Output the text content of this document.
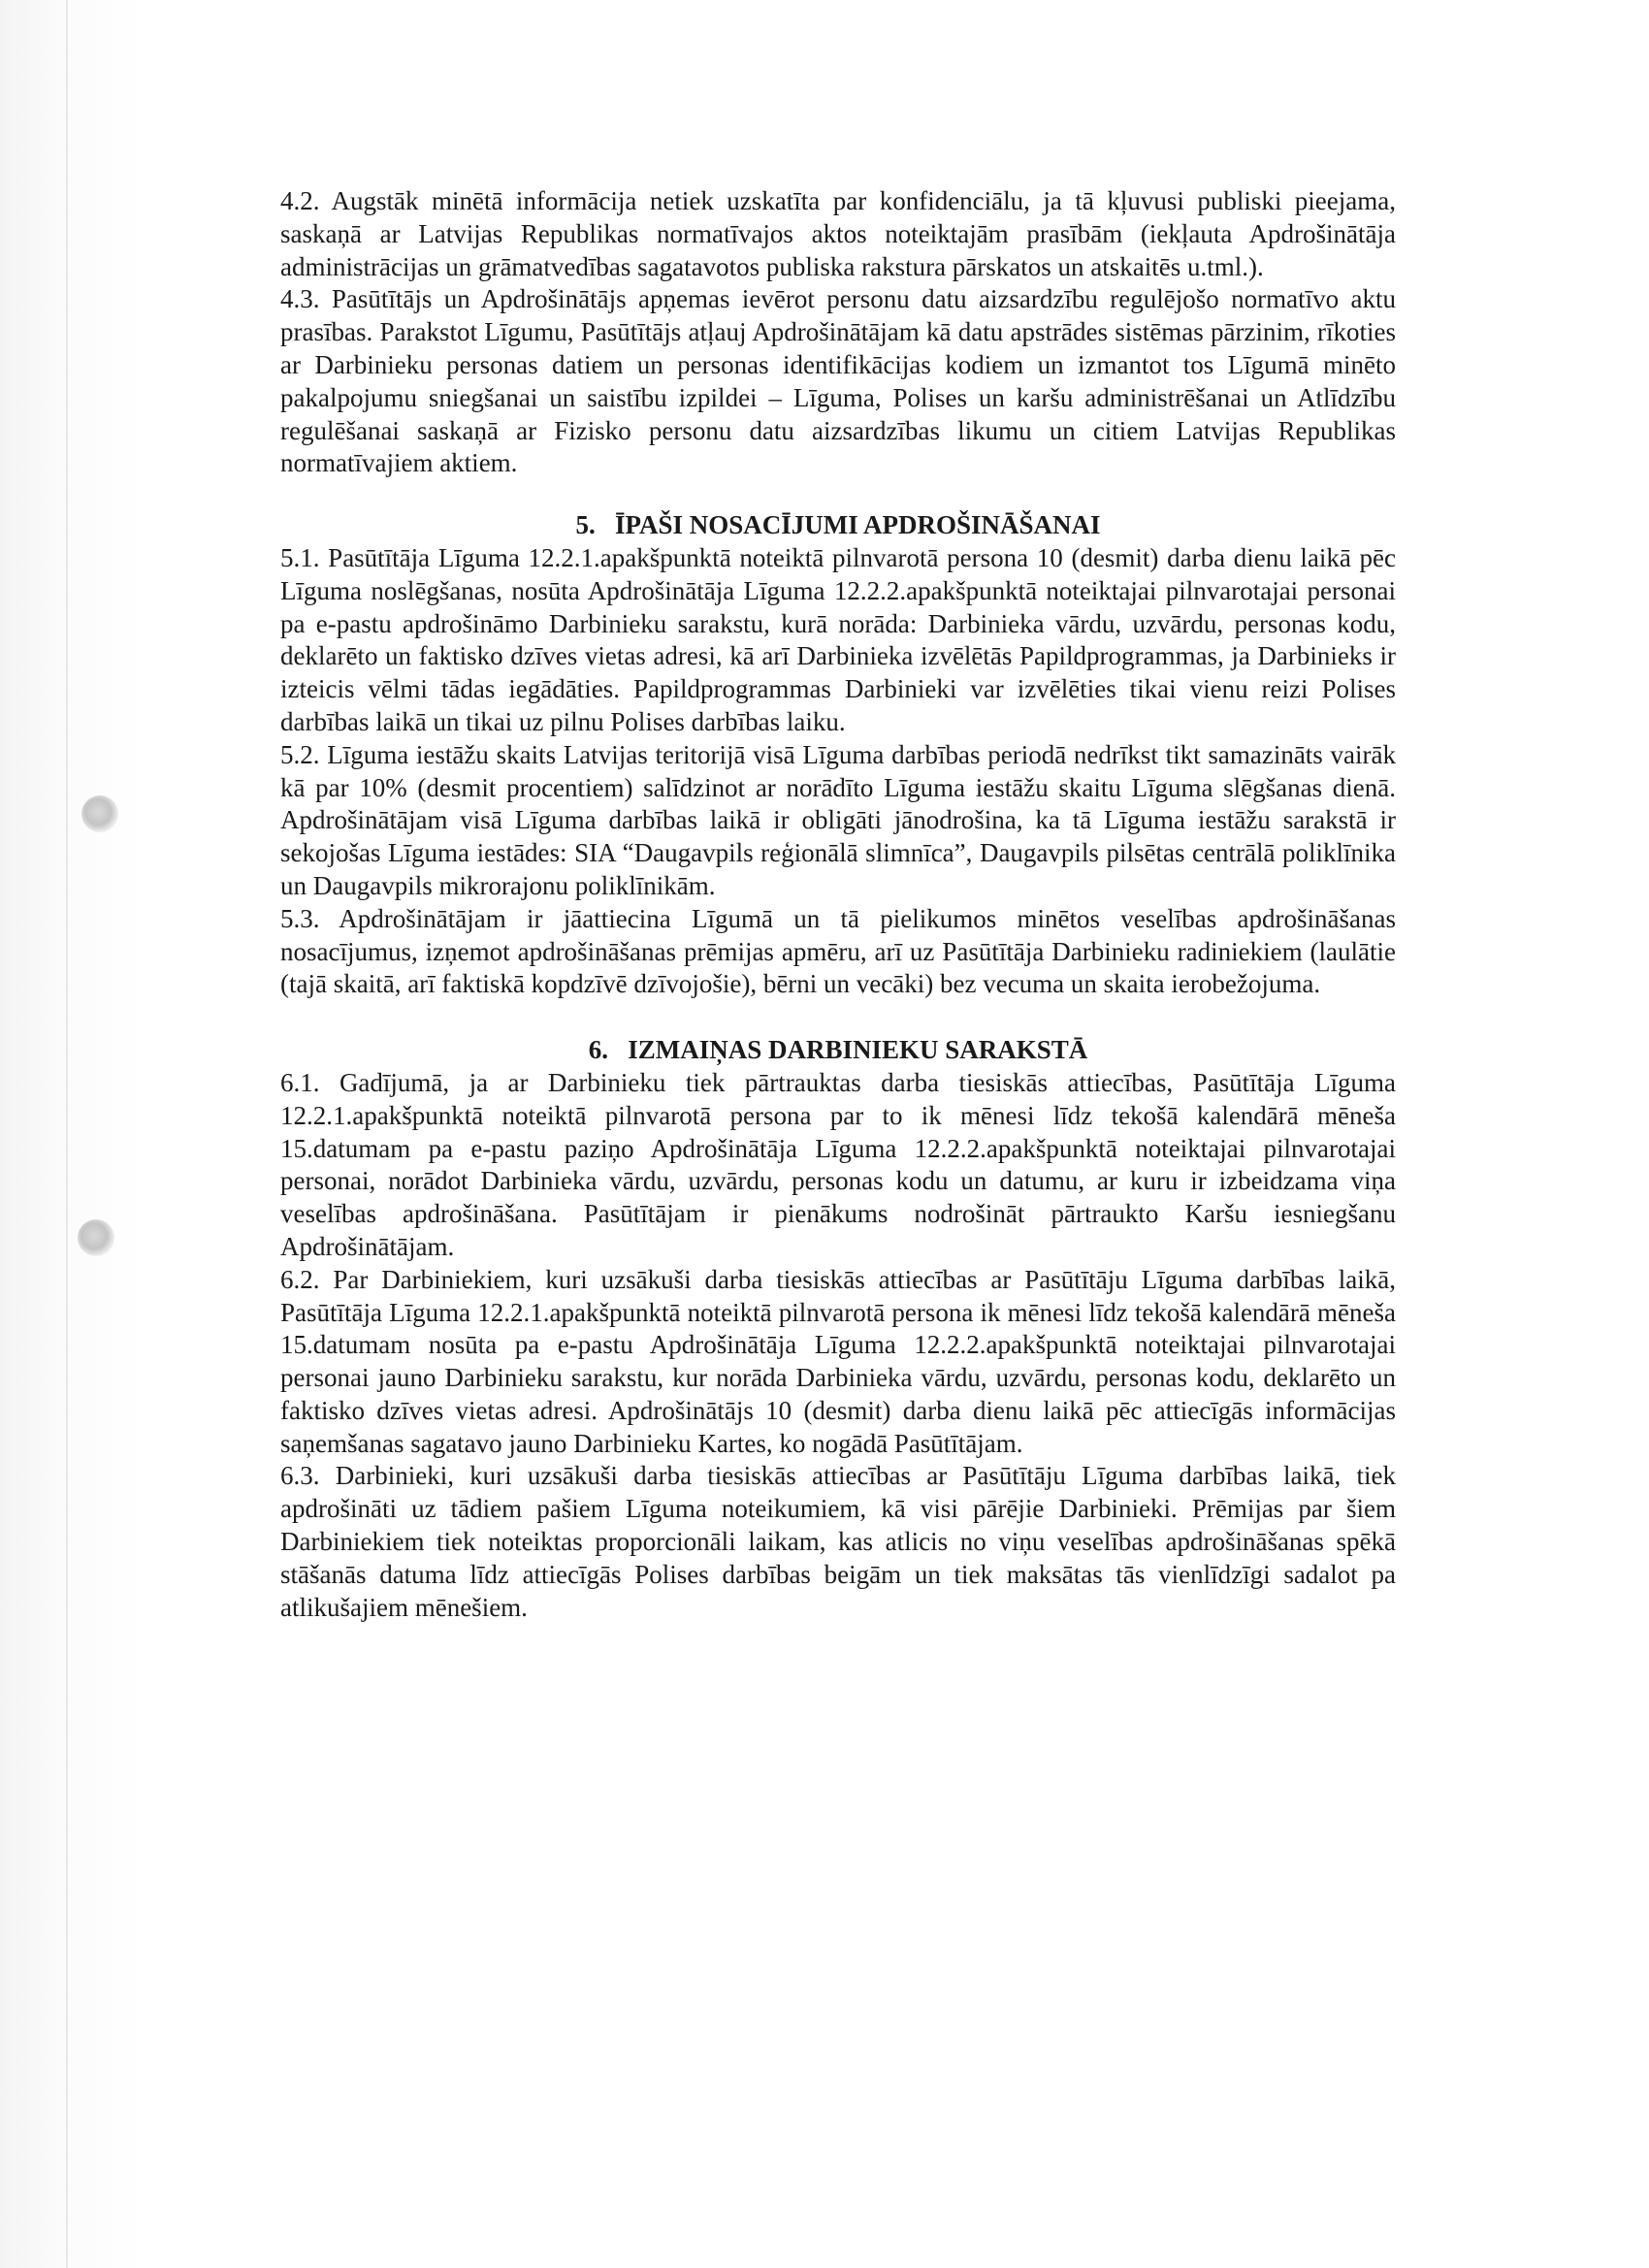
4.2. Augstāk minētā informācija netiek uzskatīta par konfidenciālu, ja tā kļuvusi publiski pieejama, saskaņā ar Latvijas Republikas normatīvajos aktos noteiktajām prasībām (iekļauta Apdrošinātāja administrācijas un grāmatvedības sagatavotos publiska rakstura pārskatos un atskaitēs u.tml.).

4.3. Pasūtītājs un Apdrošinātājs apņemas ievērot personu datu aizsardzību regulējošo normatīvo aktu prasības. Parakstot Līgumu, Pasūtītājs atļauj Apdrošinātājam kā datu apstrādes sistēmas pārzinim, rīkoties ar Darbinieku personas datiem un personas identifikācijas kodiem un izmantot tos Līgumā minēto pakalpojumu sniegšanai un saistību izpildei – Līguma, Polises un karšu administrēšanai un Atlīdzību regulēšanai saskaņā ar Fizisko personu datu aizsardzības likumu un citiem Latvijas Republikas normatīvajiem aktiem.

5.   ĪPAŠI NOSACĪJUMI APDROŠINĀŠANAI

5.1. Pasūtītāja Līguma 12.2.1.apakšpunktā noteiktā pilnvarotā persona 10 (desmit) darba dienu laikā pēc Līguma noslēgšanas, nosūta Apdrošinātāja Līguma 12.2.2.apakšpunktā noteiktajai pilnvarotajai personai pa e-pastu apdrošināmo Darbinieku sarakstu, kurā norāda: Darbinieka vārdu, uzvārdu, personas kodu, deklarēto un faktisko dzīves vietas adresi, kā arī Darbinieka izvēlētās Papildprogrammas, ja Darbinieks ir izteicis vēlmi tādas iegādāties. Papildprogrammas Darbinieki var izvēlēties tikai vienu reizi Polises darbības laikā un tikai uz pilnu Polises darbības laiku.

5.2. Līguma iestāžu skaits Latvijas teritorijā visā Līguma darbības periodā nedrīkst tikt samazināts vairāk kā par 10% (desmit procentiem) salīdzinot ar norādīto Līguma iestāžu skaitu Līguma slēgšanas dienā. Apdrošinātājam visā Līguma darbības laikā ir obligāti jānodrošina, ka tā Līguma iestāžu sarakstā ir sekojošas Līguma iestādes: SIA “Daugavpils reģionālā slimnīca”, Daugavpils pilsētas centrālā poliklīnika un Daugavpils mikrorajonu poliklīnikām.

5.3. Apdrošinātājam ir jāattiecina Līgumā un tā pielikumos minētos veselības apdrošināšanas nosacījumus, izņemot apdrošināšanas prēmijas apmēru, arī uz Pasūtītāja Darbinieku radiniekiem (laulātie (tajā skaitā, arī faktiskā kopdzīvē dzīvojošie), bērni un vecāki) bez vecuma un skaita ierobežojuma.

6.   IZMAIŅAS DARBINIEKU SARAKSTĀ

6.1. Gadījumā, ja ar Darbinieku tiek pārtrauktas darba tiesiskās attiecības, Pasūtītāja Līguma 12.2.1.apakšpunktā noteiktā pilnvarotā persona par to ik mēnesi līdz tekošā kalendārā mēneša 15.datumam pa e-pastu paziņo Apdrošinātāja Līguma 12.2.2.apakšpunktā noteiktajai pilnvarotajai personai, norādot Darbinieka vārdu, uzvārdu, personas kodu un datumu, ar kuru ir izbeidzama viņa veselības apdrošināšana. Pasūtītājam ir pienākums nodrošināt pārtraukto Karšu iesniegšanu Apdrošinātājam.

6.2. Par Darbiniekiem, kuri uzsākuši darba tiesiskās attiecības ar Pasūtītāju Līguma darbības laikā, Pasūtītāja Līguma 12.2.1.apakšpunktā noteiktā pilnvarotā persona ik mēnesi līdz tekošā kalendārā mēneša 15.datumam nosūta pa e-pastu Apdrošinātāja Līguma 12.2.2.apakšpunktā noteiktajai pilnvarotajai personai jauno Darbinieku sarakstu, kur norāda Darbinieka vārdu, uzvārdu, personas kodu, deklarēto un faktisko dzīves vietas adresi. Apdrošinātājs 10 (desmit) darba dienu laikā pēc attiecīgās informācijas saņemšanas sagatavo jauno Darbinieku Kartes, ko nogādā Pasūtītājam.

6.3. Darbinieki, kuri uzsākuši darba tiesiskās attiecības ar Pasūtītāju Līguma darbības laikā, tiek apdrošināti uz tādiem pašiem Līguma noteikumiem, kā visi pārējie Darbinieki. Prēmijas par šiem Darbiniekiem tiek noteiktas proporcionāli laikam, kas atlicis no viņu veselības apdrošināšanas spēkā stāšanās datuma līdz attiecīgās Polises darbības beigām un tiek maksātas tās vienlīdzīgi sadalot pa atlikušajiem mēnešiem.
